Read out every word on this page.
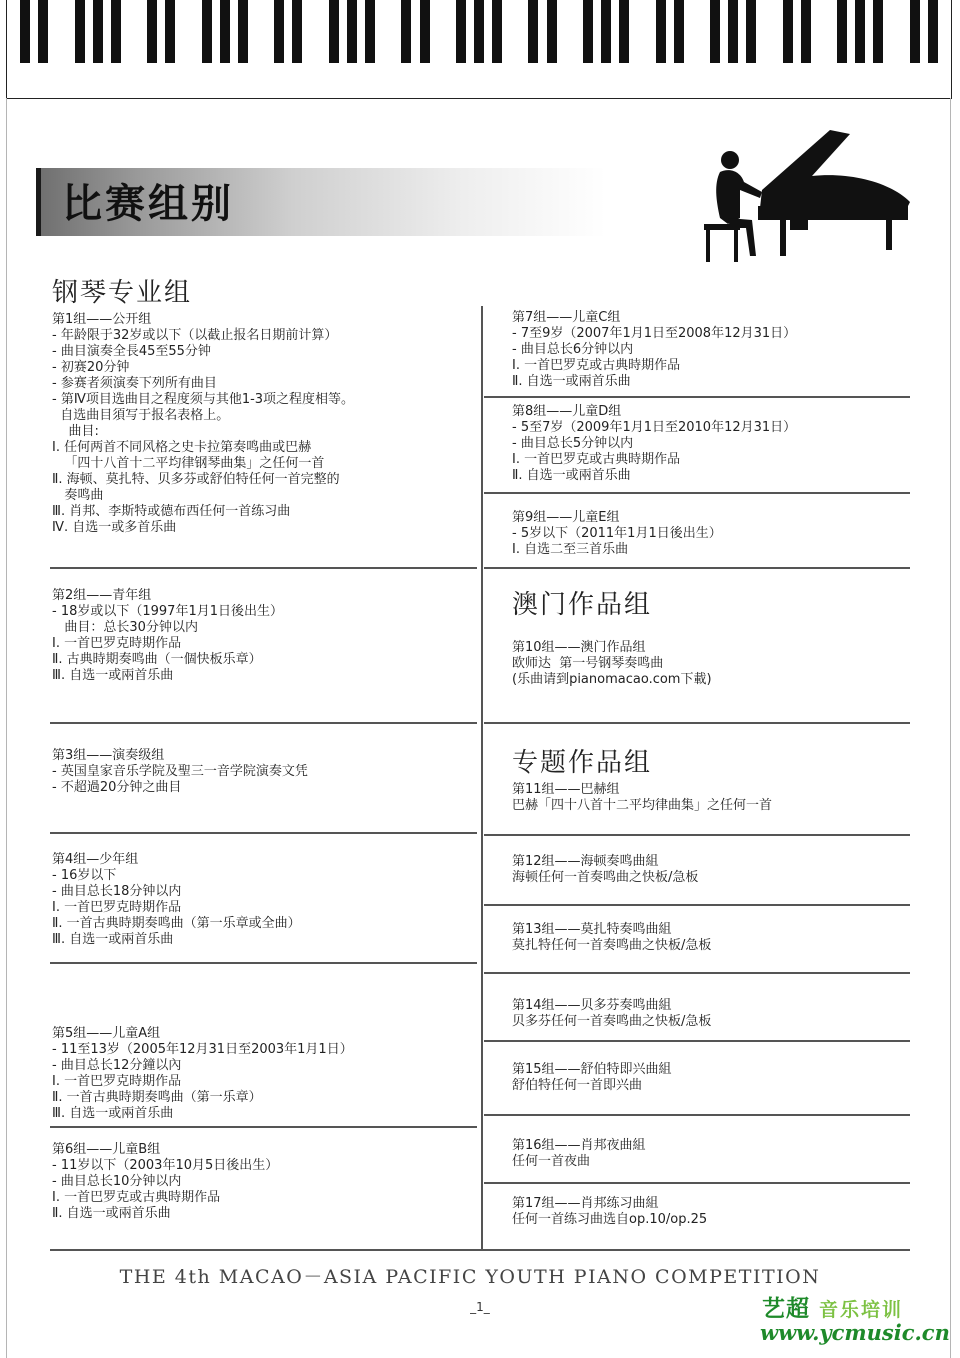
比赛组别
钢琴专业组
澳门作品组
专题作品组
第1组——公开组
- 年龄限于32岁或以下（以截止报名日期前计算）
- 曲目演奏全長45至55分钟
- 初赛20分钟
- 参赛者须演奏下列所有曲目
- 第Ⅳ项目选曲目之程度须与其他1-3项之程度相等。
自选曲目須写于报名表格上。
曲目:
Ⅰ. 任何两首不同风格之史卡拉第奏鸣曲或巴赫
「四十八首十二平均律钢琴曲集」之任何一首
Ⅱ. 海顿、莫扎特、贝多芬或舒伯特任何一首完整的
奏鸣曲
Ⅲ. 肖邦、李斯特或德布西任何一首练习曲
Ⅳ. 自选一或多首乐曲
第2组——青年组
- 18岁或以下（1997年1月1日後出生）
曲目：总长30分钟以内
Ⅰ. 一首巴罗克時期作品
Ⅱ. 古典時期奏鸣曲（一個快板乐章）
Ⅲ. 自选一或兩首乐曲
第3组——演奏级组
- 英国皇家音乐学院及聖三一音学院演奏文凭
- 不超過20分钟之曲目
第4组—少年组
- 16岁以下
- 曲目总长18分钟以内
Ⅰ. 一首巴罗克時期作品
Ⅱ. 一首古典時期奏鸣曲（第一乐章或全曲）
Ⅲ. 自选一或兩首乐曲
第5组——儿童A组
- 11至13岁（2005年12月31日至2003年1月1日）
- 曲目总长12分鐘以內
Ⅰ. 一首巴罗克時期作品
Ⅱ. 一首古典時期奏鸣曲（第一乐章）
Ⅲ. 自选一或兩首乐曲
第6组——儿童B组
- 11岁以下（2003年10月5日後出生）
- 曲目总长10分钟以内
Ⅰ. 一首巴罗克或古典時期作品
Ⅱ. 自选一或兩首乐曲
第7组——儿童C组
- 7至9岁（2007年1月1日至2008年12月31日）
- 曲目总长6分钟以内
Ⅰ. 一首巴罗克或古典時期作品
Ⅱ. 自选一或兩首乐曲
第8组——儿童D组
- 5至7岁（2009年1月1日至2010年12月31日）
- 曲目总长5分钟以内
Ⅰ. 一首巴罗克或古典時期作品
Ⅱ. 自选一或兩首乐曲
第9组——儿童E组
- 5岁以下（2011年1月1日後出生）
Ⅰ. 自选二至三首乐曲
第10组——澳门作品组
欧师达  第一号钢琴奏鸣曲
(乐曲请到pianomacao.com下載)
第11组——巴赫组
巴赫「四十八首十二平均律曲集」之任何一首
第12组——海顿奏鸣曲組
海顿任何一首奏鸣曲之快板/急板
第13组——莫扎特奏鸣曲組
莫扎特任何一首奏鸣曲之快板/急板
第14组——贝多芬奏鸣曲組
贝多芬任何一首奏鸣曲之快板/急板
第15组——舒伯特即兴曲組
舒伯特任何一首即兴曲
第16组——肖邦夜曲組
任何一首夜曲
第17组——肖邦练习曲組
任何一首练习曲选自op.10/op.25
THE 4th MACAO－ASIA PACIFIC YOUTH PIANO COMPETITION
_1_	艺超 音乐培训
www.ycmusic.cn
